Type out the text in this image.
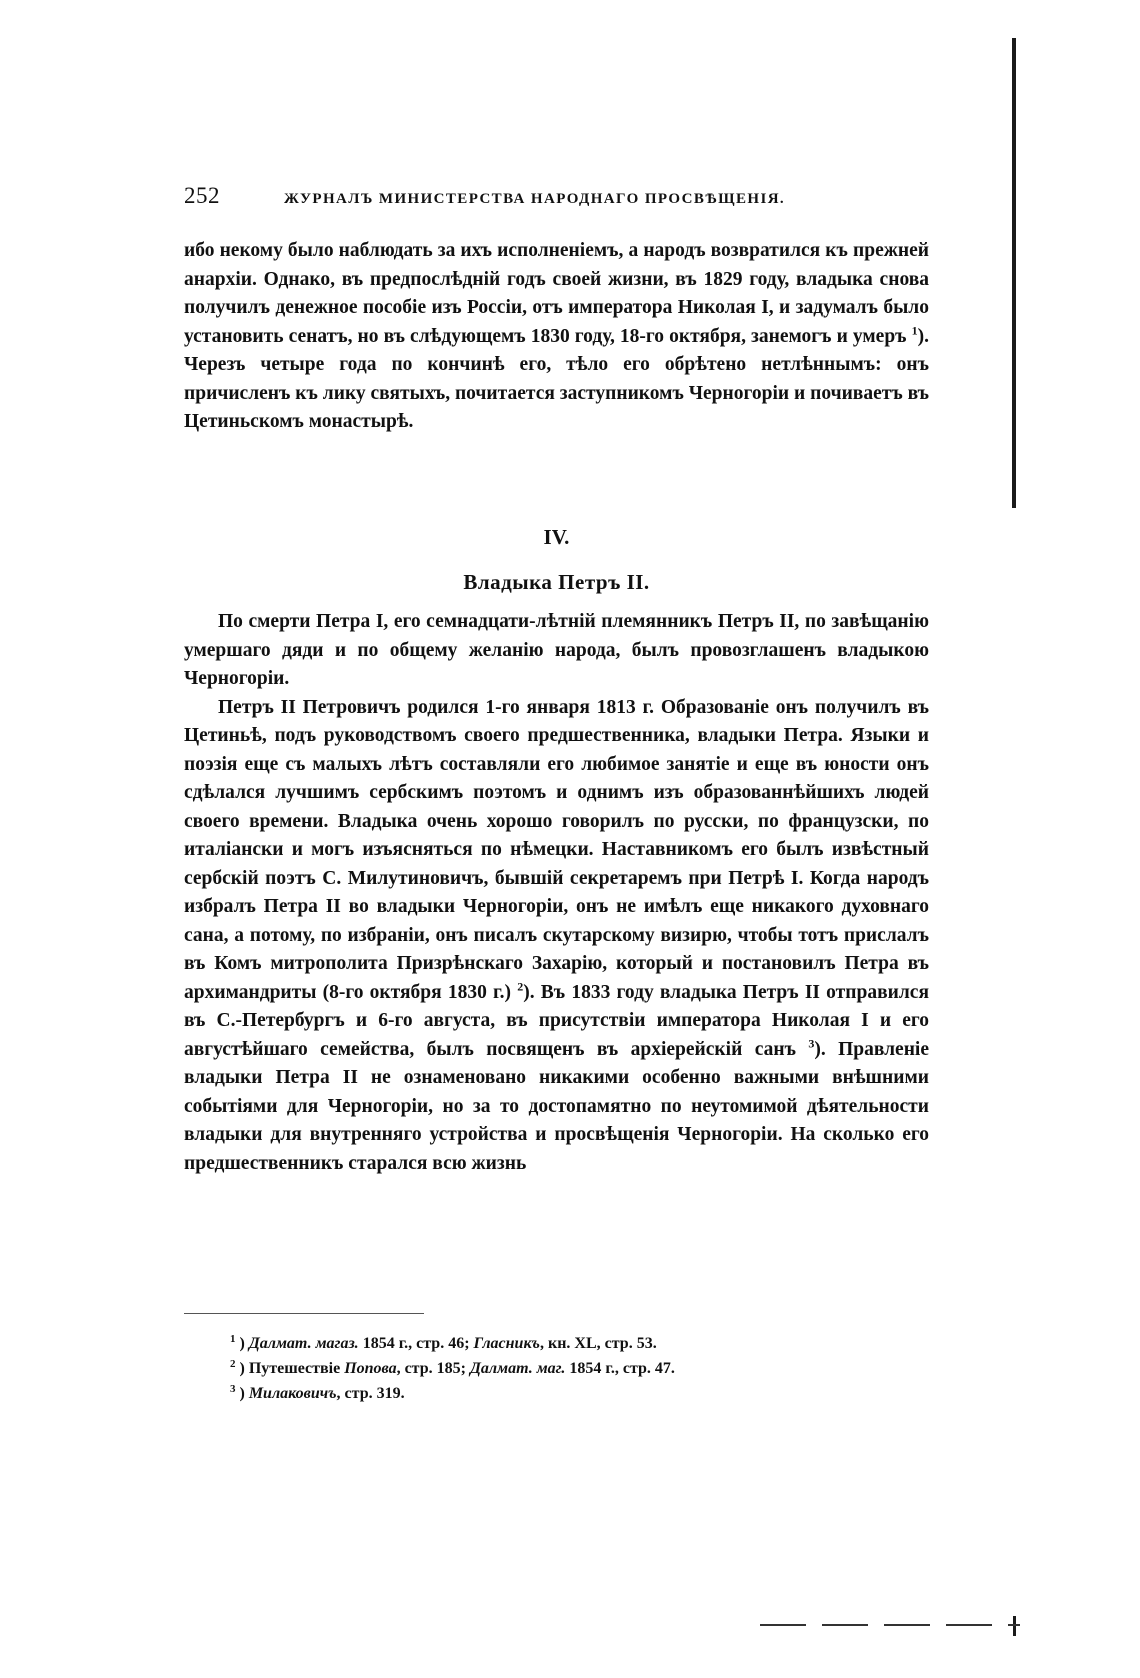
252	ЖУРНАЛЪ МИНИСТЕРСТВА НАРОДНАГО ПРОСВѢЩЕНІЯ.

ибо некому было наблюдать за ихъ исполненіемъ, а народъ возвратился къ прежней анархіи. Однако, въ предпослѣдній годъ своей жизни, въ 1829 году, владыка снова получилъ денежное пособіе изъ Россіи, отъ императора Николая I, и задумалъ было установить сенатъ, но въ слѣдующемъ 1830 году, 18-го октября, занемогъ и умеръ $^1$). Черезъ четыре года по кончинѣ его, тѣло его обрѣтено нетлѣннымъ: онъ причисленъ къ лику святыхъ, почитается заступникомъ Черногоріи и почиваетъ въ Цетиньскомъ монастырѣ.

IV.
Владыка Петръ II.

По смерти Петра I, его семнадцати-лѣтній племянникъ Петръ II, по завѣщанію умершаго дяди и по общему желанію народа, былъ провозглашенъ владыкою Черногоріи.

Петръ II Петровичъ родился 1-го января 1813 г. Образованіе онъ получилъ въ Цетиньѣ, подъ руководствомъ своего предшественника, владыки Петра. Языки и поэзія еще съ малыхъ лѣтъ составляли его любимое занятіе и еще въ юности онъ сдѣлался лучшимъ сербскимъ поэтомъ и однимъ изъ образованнѣйшихъ людей своего времени. Владыка очень хорошо говорилъ по русски, по французски, по италіански и могъ изъясняться по нѣмецки. Наставникомъ его былъ извѣстный сербскій поэтъ С. Милутиновичъ, бывшій секретаремъ при Петрѣ I. Когда народъ избралъ Петра II во владыки Черногоріи, онъ не имѣлъ еще никакого духовнаго сана, а потому, по избраніи, онъ писалъ скутарскому визирю, чтобы тотъ прислалъ въ Комъ митрополита Призрѣнскаго Захарію, который и постановилъ Петра въ архимандриты (8-го октября 1830 г.) $^2$). Въ 1833 году владыка Петръ II отправился въ С.-Петербургъ и 6-го августа, въ присутствіи императора Николая I и его августѣйшаго семейства, былъ посвященъ въ архіерейскій санъ $^3$). Правленіе владыки Петра II не ознаменовано никакими особенно важными внѣшними событіями для Черногоріи, но за то достопамятно по неутомимой дѣятельности владыки для внутренняго устройства и просвѣщенія Черногоріи. На сколько его предшественникъ старался всю жизнь

$^1$ ) Далмат. магаз. 1854 г., стр. 46; Гласникъ, кн. XL, стр. 53.
$^2$ ) Путешествіе Попова, стр. 185; Далмат. маг. 1854 г., стр. 47.
$^3$ ) Милаковичъ, стр. 319.
